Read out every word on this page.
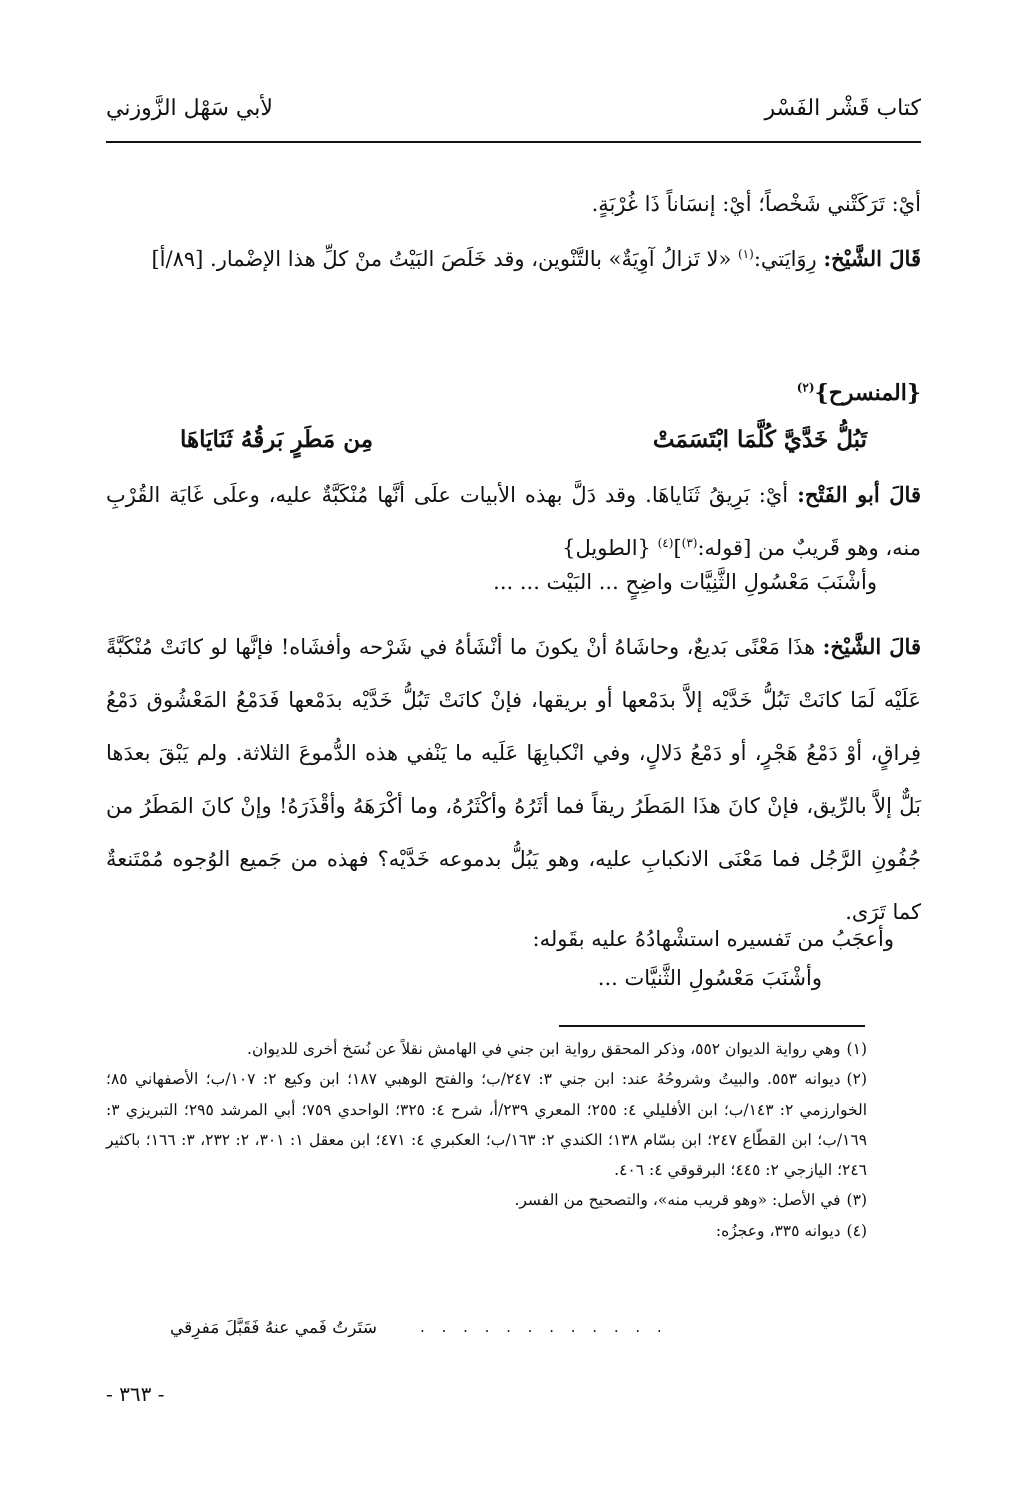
كتاب قَشْر الفَسْر
لأبي سَهْل الزَّوزني
أيْ: تَرَكَتْني شَخْصاً؛ أيْ: إنسَاناً ذَا غُرْبَةٍ.
قَالَ الشَّيْخ: رِوَايَتي:$^{(١)}$ «لا تَزالُ آوِيَةٌ» بالتَّنْوين، وقد خَلَصَ البَيْتُ منْ كلِّ هذا الإضْمار. [٨٩/أ]
{المنسرح}$^{(٢)}$
تَبُلُّ خَدَّيَّ كُلَّمَا ابْتَسَمَتْ
مِن مَطَرٍ بَرقُهُ ثَنَايَاهَا
قالَ أبو الفَتْح: أيْ: بَرِيقُ ثَنَاياهَا. وقد دَلَّ بهذه الأبيات علَى أنَّها مُنْكَبَّةٌ عليه، وعلَى غَايَة القُرْبِ منه، وهو قَريبٌ من [قوله:$^{(٣)}$]$^{(٤)}$ {الطويل}
وأشْنَبَ مَعْسُولِ الثَّنِيَّات واضِحٍ ... البَيْت ... ...
قالَ الشَّيْخ: هذَا مَعْنًى بَديعٌ، وحاشَاهُ أنْ يكونَ ما أنْشَأهُ في شَرْحه وأفشَاه! فإنَّها لو كانَتْ مُنْكَبَّةً عَلَيْه لَمَا كانَتْ تَبُلُّ خَدَّيْه إلاَّ بدَمْعها أو بريقها، فإنْ كانَتْ تَبُلُّ خَدَّيْه بدَمْعها فَدَمْعُ المَعْشُوق دَمْعُ فِراقٍ، أوْ دَمْعُ هَجْرٍ، أو دَمْعُ دَلالٍ، وفي انْكبابِهَا عَلَيه ما يَنْفي هذه الدُّموعَ الثلاثة. ولم يَبْقَ بعدَها بَلٌّ إلاَّ بالرِّيق، فإنْ كانَ هذَا المَطَرُ ريقاً فما أثَرُهُ وأكْثَرُهُ، وما أكْرَهَهُ وأقْذَرَهُ! وإنْ كانَ المَطَرُ من جُفُونِ الرَّجُل فما مَعْنَى الانكبابِ عليه، وهو يَبُلُّ بدموعه خَدَّيْه؟ فهذه من جَميع الوُجوه مُمْتَنعةٌ كما تَرَى.
وأعجَبُ من تَفسيره استشْهادُهُ عليه بقَوله:
وأشْنَبَ مَعْسُولِ الثَّنيَّات ...

(١)وهي رواية الديوان ٥٥٢، وذكر المحقق رواية ابن جني في الهامش نقلاً عن نُسَخ أخرى للديوان.

(٢)ديوانه ٥٥٣. والبيتُ وشروحُهُ عند: ابن جني ٣: ٢٤٧/ب؛ والفتح الوهبي ١٨٧؛ ابن وكيع ٢: ١٠٧/ب؛ الأصفهاني ٨٥؛ الخوارزمي ٢: ١٤٣/ب؛ ابن الأفليلي ٤: ٢٥٥؛ المعري ٢٣٩/أ، شرح ٤: ٣٢٥؛ الواحدي ٧٥٩؛ أبي المرشد ٢٩٥؛ التبريزي ٣: ١٦٩/ب؛ ابن القطّاع ٢٤٧؛ ابن بسّام ١٣٨؛ الكندي ٢: ١٦٣/ب؛ العكبري ٤: ٤٧١؛ ابن معقل ١: ٣٠١، ٢: ٢٣٢، ٣: ١٦٦؛ باكثير ٢٤٦؛ اليازجي ٢: ٤٤٥؛ البرقوقي ٤: ٤٠٦.

(٣)في الأصل: «وهو قريب منه»، والتصحيح من الفسر.

(٤)ديوانه ٣٣٥، وعجزُه:

. . . . . . . . . . . .
سَتَرتُ فَمي عنهُ فَقَبَّلَ مَفرِقي
- ٣٦٣ -
